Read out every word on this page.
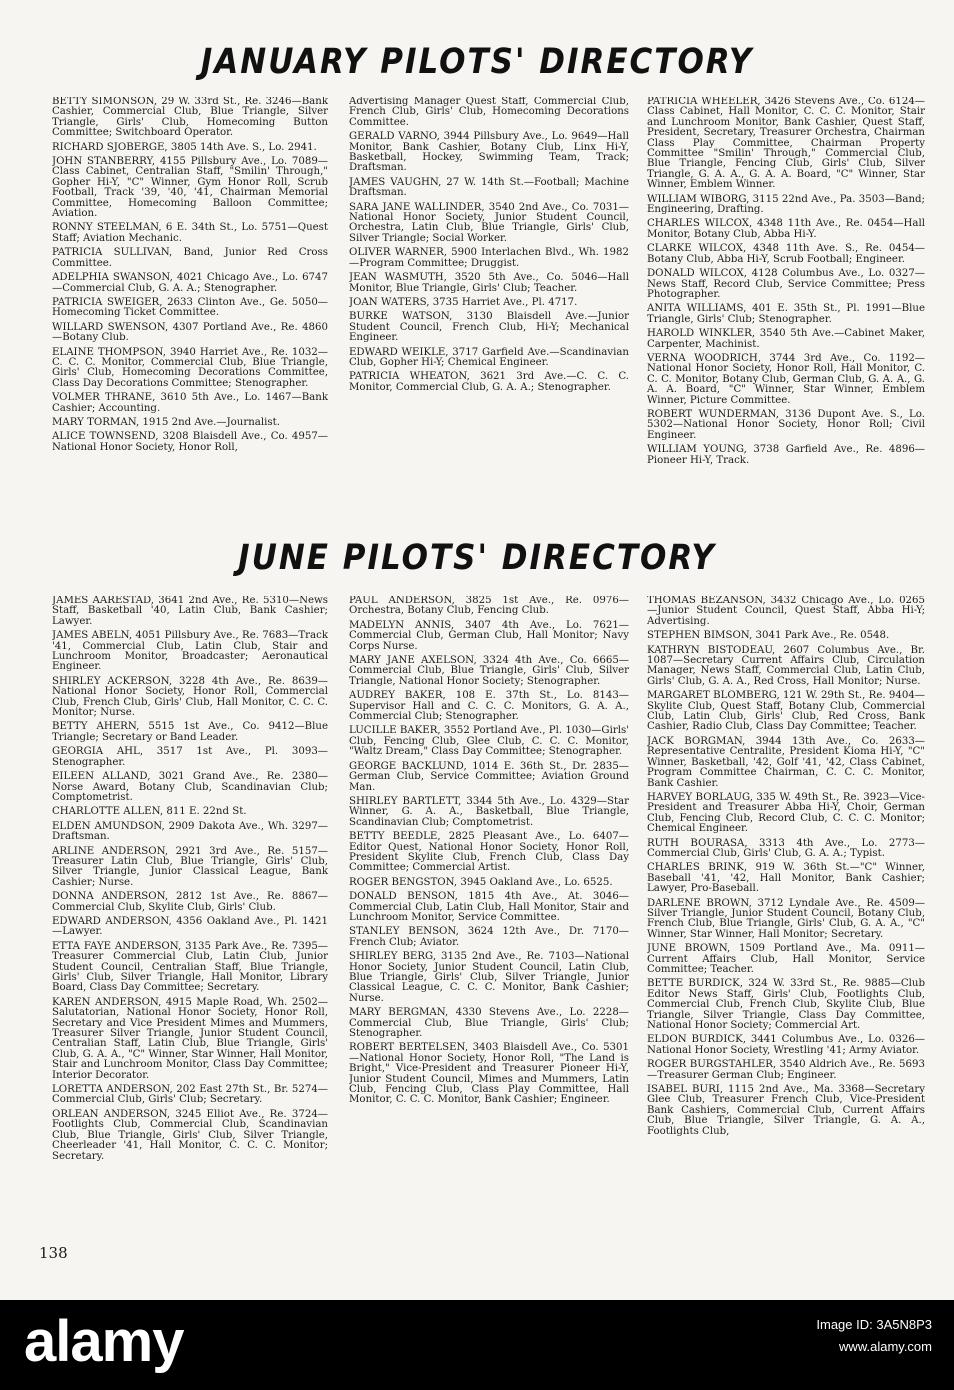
JANUARY PILOTS' DIRECTORY

BETTY SIMONSON, 29 W. 33rd St., Re. 3246—Bank Cashier, Commercial Club, Blue Triangle, Silver Triangle, Girls' Club, Homecoming Button Committee; Switchboard Operator.

RICHARD SJOBERGE, 3805 14th Ave. S., Lo. 2941.

JOHN STANBERRY, 4155 Pillsbury Ave., Lo. 7089—Class Cabinet, Centralian Staff, "Smilin' Through," Gopher Hi-Y, "C" Winner, Gym Honor Roll, Scrub Football, Track '39, '40, '41, Chairman Memorial Committee, Homecoming Balloon Committee; Aviation.

RONNY STEELMAN, 6 E. 34th St., Lo. 5751—Quest Staff; Aviation Mechanic.

PATRICIA SULLIVAN, Band, Junior Red Cross Committee.

ADELPHIA SWANSON, 4021 Chicago Ave., Lo. 6747—Commercial Club, G. A. A.; Stenographer.

PATRICIA SWEIGER, 2633 Clinton Ave., Ge. 5050—Homecoming Ticket Committee.

WILLARD SWENSON, 4307 Portland Ave., Re. 4860—Botany Club.

ELAINE THOMPSON, 3940 Harriet Ave., Re. 1032—C. C. C. Monitor, Commercial Club, Blue Triangle, Girls' Club, Homecoming Decorations Committee, Class Day Decorations Committee; Stenographer.

VOLMER THRANE, 3610 5th Ave., Lo. 1467—Bank Cashier; Accounting.

MARY TORMAN, 1915 2nd Ave.—Journalist.

ALICE TOWNSEND, 3208 Blaisdell Ave., Co. 4957—National Honor Society, Honor Roll,

Advertising Manager Quest Staff, Commercial Club, French Club, Girls' Club, Homecoming Decorations Committee.

GERALD VARNO, 3944 Pillsbury Ave., Lo. 9649—Hall Monitor, Bank Cashier, Botany Club, Linx Hi-Y, Basketball, Hockey, Swimming Team, Track; Draftsman.

JAMES VAUGHN, 27 W. 14th St.—Football; Machine Draftsman.

SARA JANE WALLINDER, 3540 2nd Ave., Co. 7031—National Honor Society, Junior Student Council, Orchestra, Latin Club, Blue Triangle, Girls' Club, Silver Triangle; Social Worker.

OLIVER WARNER, 5900 Interlachen Blvd., Wh. 1982—Program Committee; Druggist.

JEAN WASMUTH, 3520 5th Ave., Co. 5046—Hall Monitor, Blue Triangle, Girls' Club; Teacher.

JOAN WATERS, 3735 Harriet Ave., Pl. 4717.

BURKE WATSON, 3130 Blaisdell Ave.—Junior Student Council, French Club, Hi-Y; Mechanical Engineer.

EDWARD WEIKLE, 3717 Garfield Ave.—Scandinavian Club, Gopher Hi-Y; Chemical Engineer.

PATRICIA WHEATON, 3621 3rd Ave.—C. C. C. Monitor, Commercial Club, G. A. A.; Stenographer.

PATRICIA WHEELER, 3426 Stevens Ave., Co. 6124—Class Cabinet, Hall Monitor, C. C. C. Monitor, Stair and Lunchroom Monitor, Bank Cashier, Quest Staff, President, Secretary, Treasurer Orchestra, Chairman Class Play Committee, Chairman Property Committee "Smilin' Through," Commercial Club, Blue Triangle, Fencing Club, Girls' Club, Silver Triangle, G. A. A., G. A. A. Board, "C" Winner, Star Winner, Emblem Winner.

WILLIAM WIBORG, 3115 22nd Ave., Pa. 3503—Band; Engineering, Drafting.

CHARLES WILCOX, 4348 11th Ave., Re. 0454—Hall Monitor, Botany Club, Abba Hi-Y.

CLARKE WILCOX, 4348 11th Ave. S., Re. 0454—Botany Club, Abba Hi-Y, Scrub Football; Engineer.

DONALD WILCOX, 4128 Columbus Ave., Lo. 0327—News Staff, Record Club, Service Committee; Press Photographer.

ANITA WILLIAMS, 401 E. 35th St., Pl. 1991—Blue Triangle, Girls' Club; Stenographer.

HAROLD WINKLER, 3540 5th Ave.—Cabinet Maker, Carpenter, Machinist.

VERNA WOODRICH, 3744 3rd Ave., Co. 1192—National Honor Society, Honor Roll, Hall Monitor, C. C. C. Monitor, Botany Club, German Club, G. A. A., G. A. A. Board, "C" Winner, Star Winner, Emblem Winner, Picture Committee.

ROBERT WUNDERMAN, 3136 Dupont Ave. S., Lo. 5302—National Honor Society, Honor Roll; Civil Engineer.

WILLIAM YOUNG, 3738 Garfield Ave., Re. 4896—Pioneer Hi-Y, Track.

JUNE PILOTS' DIRECTORY

JAMES AARESTAD, 3641 2nd Ave., Re. 5310—News Staff, Basketball '40, Latin Club, Bank Cashier; Lawyer.

JAMES ABELN, 4051 Pillsbury Ave., Re. 7683—Track '41, Commercial Club, Latin Club, Stair and Lunchroom Monitor, Broadcaster; Aeronautical Engineer.

SHIRLEY ACKERSON, 3228 4th Ave., Re. 8639—National Honor Society, Honor Roll, Commercial Club, French Club, Girls' Club, Hall Monitor, C. C. C. Monitor; Nurse.

BETTY AHERN, 5515 1st Ave., Co. 9412—Blue Triangle; Secretary or Band Leader.

GEORGIA AHL, 3517 1st Ave., Pl. 3093—Stenographer.

EILEEN ALLAND, 3021 Grand Ave., Re. 2380—Norse Award, Botany Club, Scandinavian Club; Comptometrist.

CHARLOTTE ALLEN, 811 E. 22nd St.

ELDEN AMUNDSON, 2909 Dakota Ave., Wh. 3297—Draftsman.

ARLINE ANDERSON, 2921 3rd Ave., Re. 5157—Treasurer Latin Club, Blue Triangle, Girls' Club, Silver Triangle, Junior Classical League, Bank Cashier; Nurse.

DONNA ANDERSON, 2812 1st Ave., Re. 8867—Commercial Club, Skylite Club, Girls' Club.

EDWARD ANDERSON, 4356 Oakland Ave., Pl. 1421—Lawyer.

ETTA FAYE ANDERSON, 3135 Park Ave., Re. 7395—Treasurer Commercial Club, Latin Club, Junior Student Council, Centralian Staff, Blue Triangle, Girls' Club, Silver Triangle, Hall Monitor, Library Board, Class Day Committee; Secretary.

KAREN ANDERSON, 4915 Maple Road, Wh. 2502—Salutatorian, National Honor Society, Honor Roll, Secretary and Vice President Mimes and Mummers, Treasurer Silver Triangle, Junior Student Council, Centralian Staff, Latin Club, Blue Triangle, Girls' Club, G. A. A., "C" Winner, Star Winner, Hall Monitor, Stair and Lunchroom Monitor, Class Day Committee; Interior Decorator.

LORETTA ANDERSON, 202 East 27th St., Br. 5274—Commercial Club, Girls' Club; Secretary.

ORLEAN ANDERSON, 3245 Elliot Ave., Re. 3724—Footlights Club, Commercial Club, Scandinavian Club, Blue Triangle, Girls' Club, Silver Triangle, Cheerleader '41, Hall Monitor, C. C. C. Monitor; Secretary.

PAUL ANDERSON, 3825 1st Ave., Re. 0976—Orchestra, Botany Club, Fencing Club.

MADELYN ANNIS, 3407 4th Ave., Lo. 7621—Commercial Club, German Club, Hall Monitor; Navy Corps Nurse.

MARY JANE AXELSON, 3324 4th Ave., Co. 6665—Commercial Club, Blue Triangle, Girls' Club, Silver Triangle, National Honor Society; Stenographer.

AUDREY BAKER, 108 E. 37th St., Lo. 8143—Supervisor Hall and C. C. C. Monitors, G. A. A., Commercial Club; Stenographer.

LUCILLE BAKER, 3552 Portland Ave., Pl. 1030—Girls' Club, Fencing Club, Glee Club, C. C. C. Monitor, "Waltz Dream," Class Day Committee; Stenographer.

GEORGE BACKLUND, 1014 E. 36th St., Dr. 2835—German Club, Service Committee; Aviation Ground Man.

SHIRLEY BARTLETT, 3344 5th Ave., Lo. 4329—Star Winner, G. A. A., Basketball, Blue Triangle, Scandinavian Club; Comptometrist.

BETTY BEEDLE, 2825 Pleasant Ave., Lo. 6407—Editor Quest, National Honor Society, Honor Roll, President Skylite Club, French Club, Class Day Committee; Commercial Artist.

ROGER BENGSTON, 3945 Oakland Ave., Lo. 6525.

DONALD BENSON, 1815 4th Ave., At. 3046—Commercial Club, Latin Club, Hall Monitor, Stair and Lunchroom Monitor, Service Committee.

STANLEY BENSON, 3624 12th Ave., Dr. 7170—French Club; Aviator.

SHIRLEY BERG, 3135 2nd Ave., Re. 7103—National Honor Society, Junior Student Council, Latin Club, Blue Triangle, Girls' Club, Silver Triangle, Junior Classical League, C. C. C. Monitor, Bank Cashier; Nurse.

MARY BERGMAN, 4330 Stevens Ave., Lo. 2228—Commercial Club, Blue Triangle, Girls' Club; Stenographer.

ROBERT BERTELSEN, 3403 Blaisdell Ave., Co. 5301—National Honor Society, Honor Roll, "The Land is Bright," Vice-President and Treasurer Pioneer Hi-Y, Junior Student Council, Mimes and Mummers, Latin Club, Fencing Club, Class Play Committee, Hall Monitor, C. C. C. Monitor, Bank Cashier; Engineer.

THOMAS BEZANSON, 3432 Chicago Ave., Lo. 0265—Junior Student Council, Quest Staff, Abba Hi-Y; Advertising.

STEPHEN BIMSON, 3041 Park Ave., Re. 0548.

KATHRYN BISTODEAU, 2607 Columbus Ave., Br. 1087—Secretary Current Affairs Club, Circulation Manager, News Staff, Commercial Club, Latin Club, Girls' Club, G. A. A., Red Cross, Hall Monitor; Nurse.

MARGARET BLOMBERG, 121 W. 29th St., Re. 9404—Skylite Club, Quest Staff, Botany Club, Commercial Club, Latin Club, Girls' Club, Red Cross, Bank Cashier, Radio Club, Class Day Committee; Teacher.

JACK BORGMAN, 3944 13th Ave., Co. 2633—Representative Centralite, President Kioma Hi-Y, "C" Winner, Basketball, '42, Golf '41, '42, Class Cabinet, Program Committee Chairman, C. C. C. Monitor, Bank Cashier.

HARVEY BORLAUG, 335 W. 49th St., Re. 3923—Vice-President and Treasurer Abba Hi-Y, Choir, German Club, Fencing Club, Record Club, C. C. C. Monitor; Chemical Engineer.

RUTH BOURASA, 3313 4th Ave., Lo. 2773—Commercial Club, Girls' Club, G. A. A.; Typist.

CHARLES BRINK, 919 W. 36th St.—"C" Winner, Baseball '41, '42, Hall Monitor, Bank Cashier; Lawyer, Pro-Baseball.

DARLENE BROWN, 3712 Lyndale Ave., Re. 4509—Silver Triangle, Junior Student Council, Botany Club, French Club, Blue Triangle, Girls' Club, G. A. A., "C" Winner, Star Winner, Hall Monitor; Secretary.

JUNE BROWN, 1509 Portland Ave., Ma. 0911—Current Affairs Club, Hall Monitor, Service Committee; Teacher.

BETTE BURDICK, 324 W. 33rd St., Re. 9885—Club Editor News Staff, Girls' Club, Footlights Club, Commercial Club, French Club, Skylite Club, Blue Triangle, Silver Triangle, Class Day Committee, National Honor Society; Commercial Art.

ELDON BURDICK, 3441 Columbus Ave., Lo. 0326—National Honor Society, Wrestling '41; Army Aviator.

ROGER BURGSTAHLER, 3540 Aldrich Ave., Re. 5693—Treasurer German Club; Engineer.

ISABEL BURI, 1115 2nd Ave., Ma. 3368—Secretary Glee Club, Treasurer French Club, Vice-President Bank Cashiers, Commercial Club, Current Affairs Club, Blue Triangle, Silver Triangle, G. A. A., Footlights Club,

138
alamy	Image ID: 3A5N8P3
www.alamy.com
